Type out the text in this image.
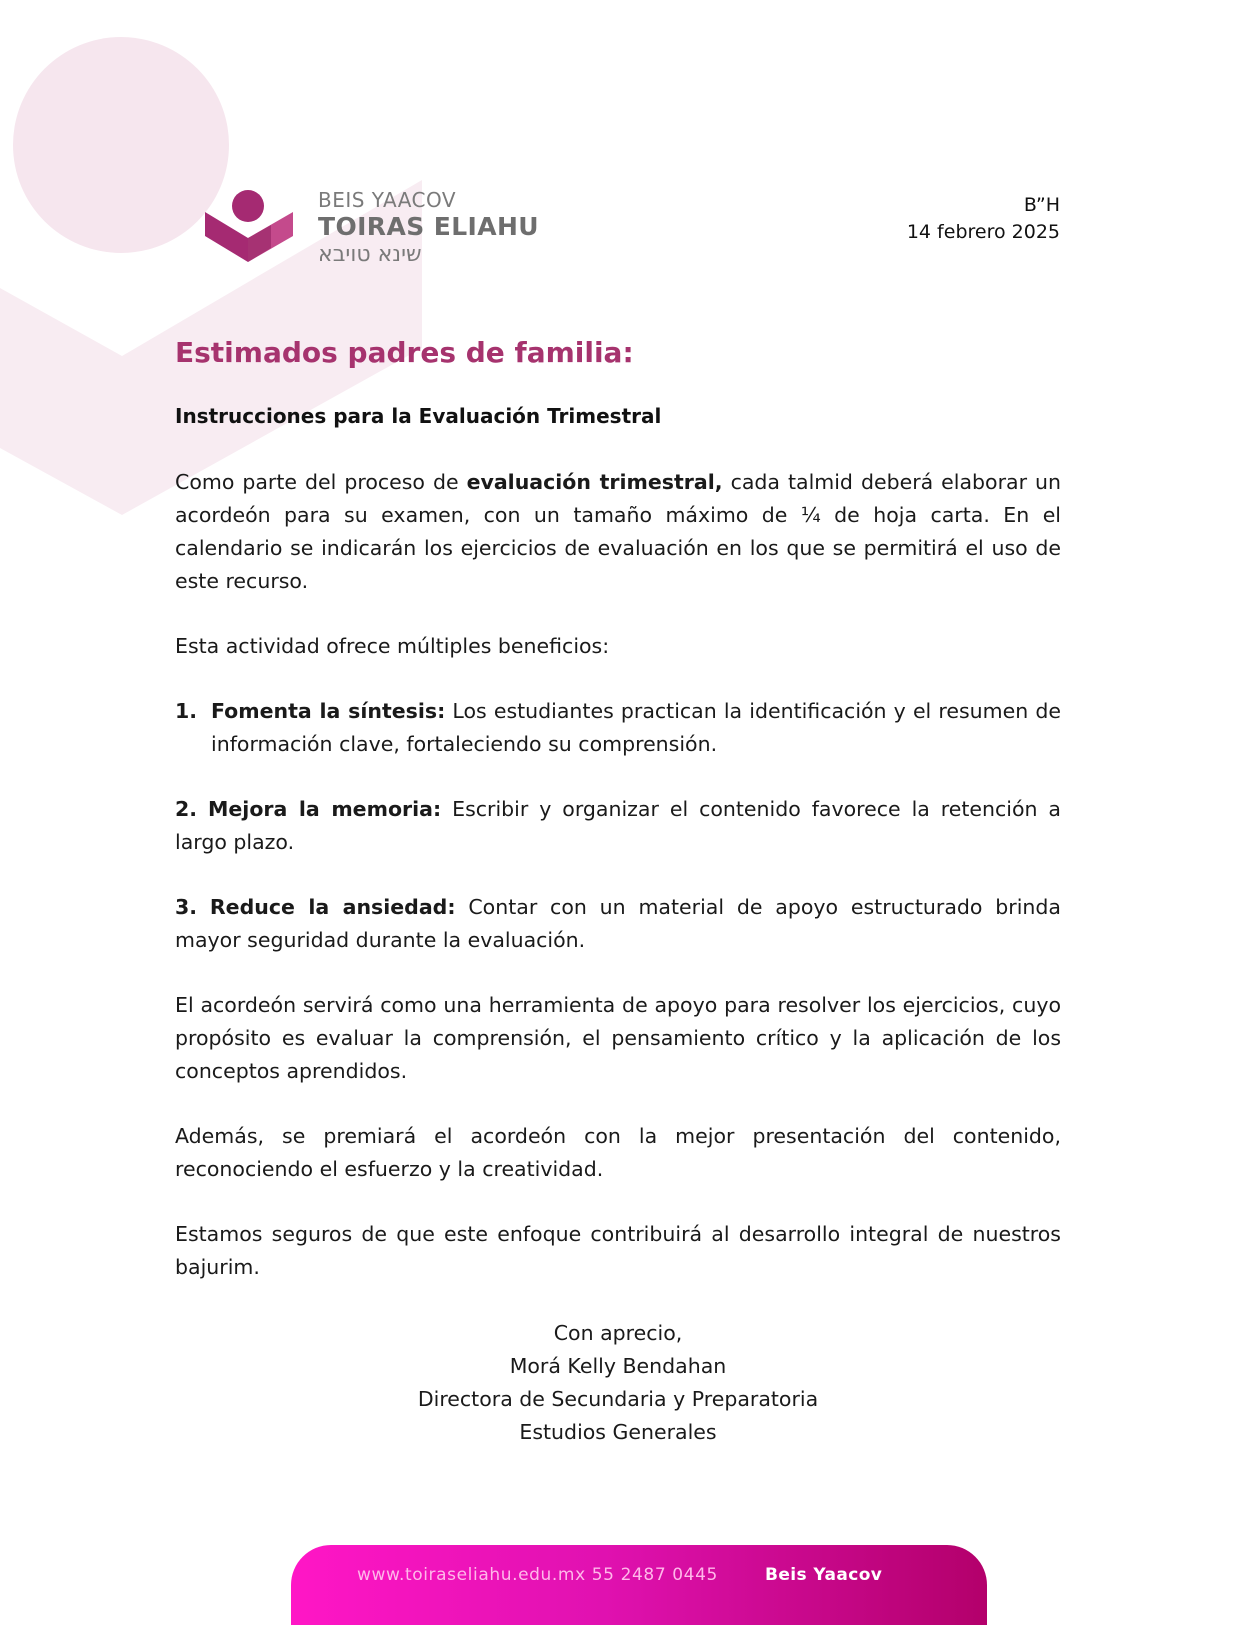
BEIS YAACOV
TOIRAS ELIAHU
שינא טויבא
B”H
14 febrero 2025
Estimados padres de familia:
Instrucciones para la Evaluación Trimestral

Como parte del proceso de evaluación trimestral, cada talmid deberá elaborar un acordeón para su examen, con un tamaño máximo de ¼ de hoja carta. En el calendario se indicarán los ejercicios de evaluación en los que se permitirá el uso de este recurso.

Esta actividad ofrece múltiples beneficios:

1. Fomenta la síntesis: Los estudiantes practican la identificación y el resumen de información clave, fortaleciendo su comprensión.

2. Mejora la memoria: Escribir y organizar el contenido favorece la retención a largo plazo.

3. Reduce la ansiedad: Contar con un material de apoyo estructurado brinda mayor seguridad durante la evaluación.

El acordeón servirá como una herramienta de apoyo para resolver los ejercicios, cuyo propósito es evaluar la comprensión, el pensamiento crítico y la aplicación de los conceptos aprendidos.

Además, se premiará el acordeón con la mejor presentación del contenido, reconociendo el esfuerzo y la creatividad.

Estamos seguros de que este enfoque contribuirá al desarrollo integral de nuestros bajurim.

Con aprecio,
Morá Kelly Bendahan
Directora de Secundaria y Preparatoria
Estudios Generales
www.toiraseliahu.edu.mx 55 2487 0445	Beis Yaacov
